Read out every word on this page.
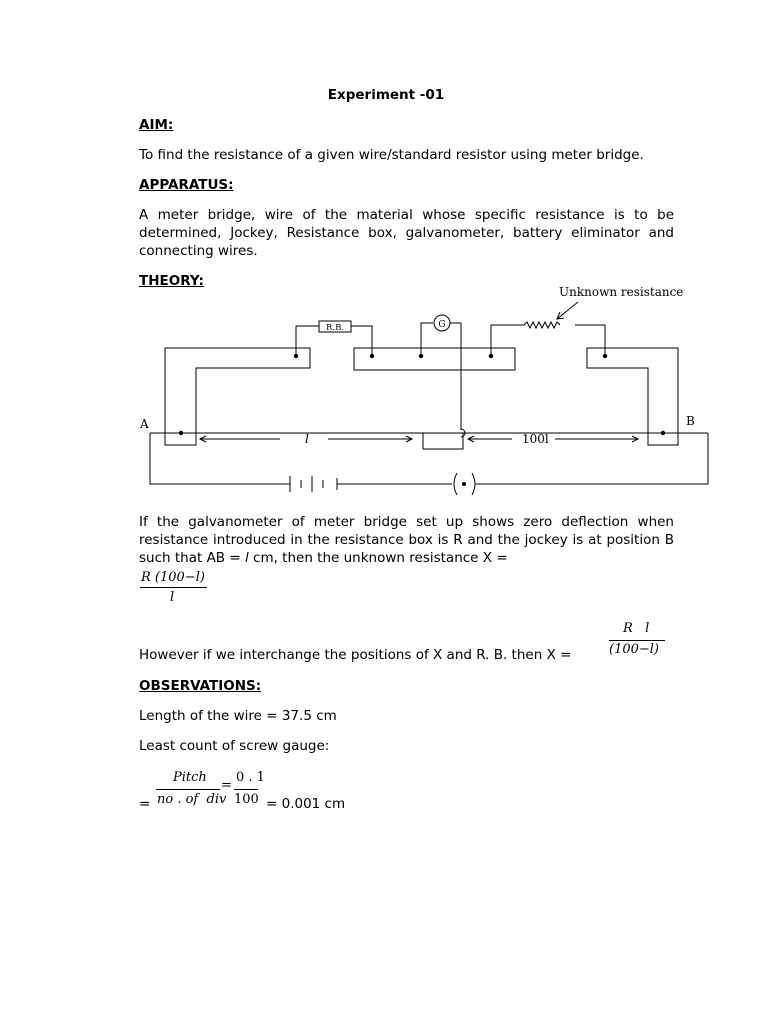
Experiment -01
AIM:
To find the resistance of a given wire/standard resistor using meter bridge.
APPARATUS:
A meter bridge, wire of the material whose specific resistance is to be determined, Jockey, Resistance box, galvanometer, battery eliminator and connecting wires.
THEORY:
Unknown resistance
R.B.	G
A	B
l	100l
If the galvanometer of meter bridge set up shows zero deflection when resistance introduced in the resistance box is R and the jockey is at position B such that AB = l cm, then the unknown resistance X =
R (100−l)
l
However if we interchange the positions of X and R. B. then X =
R   l
(100−l)
OBSERVATIONS:
Length of the wire = 37.5 cm
Least count of screw gauge:
=
Pitch
no . of  div
=
0 . 1
100 = 0.001 cm
